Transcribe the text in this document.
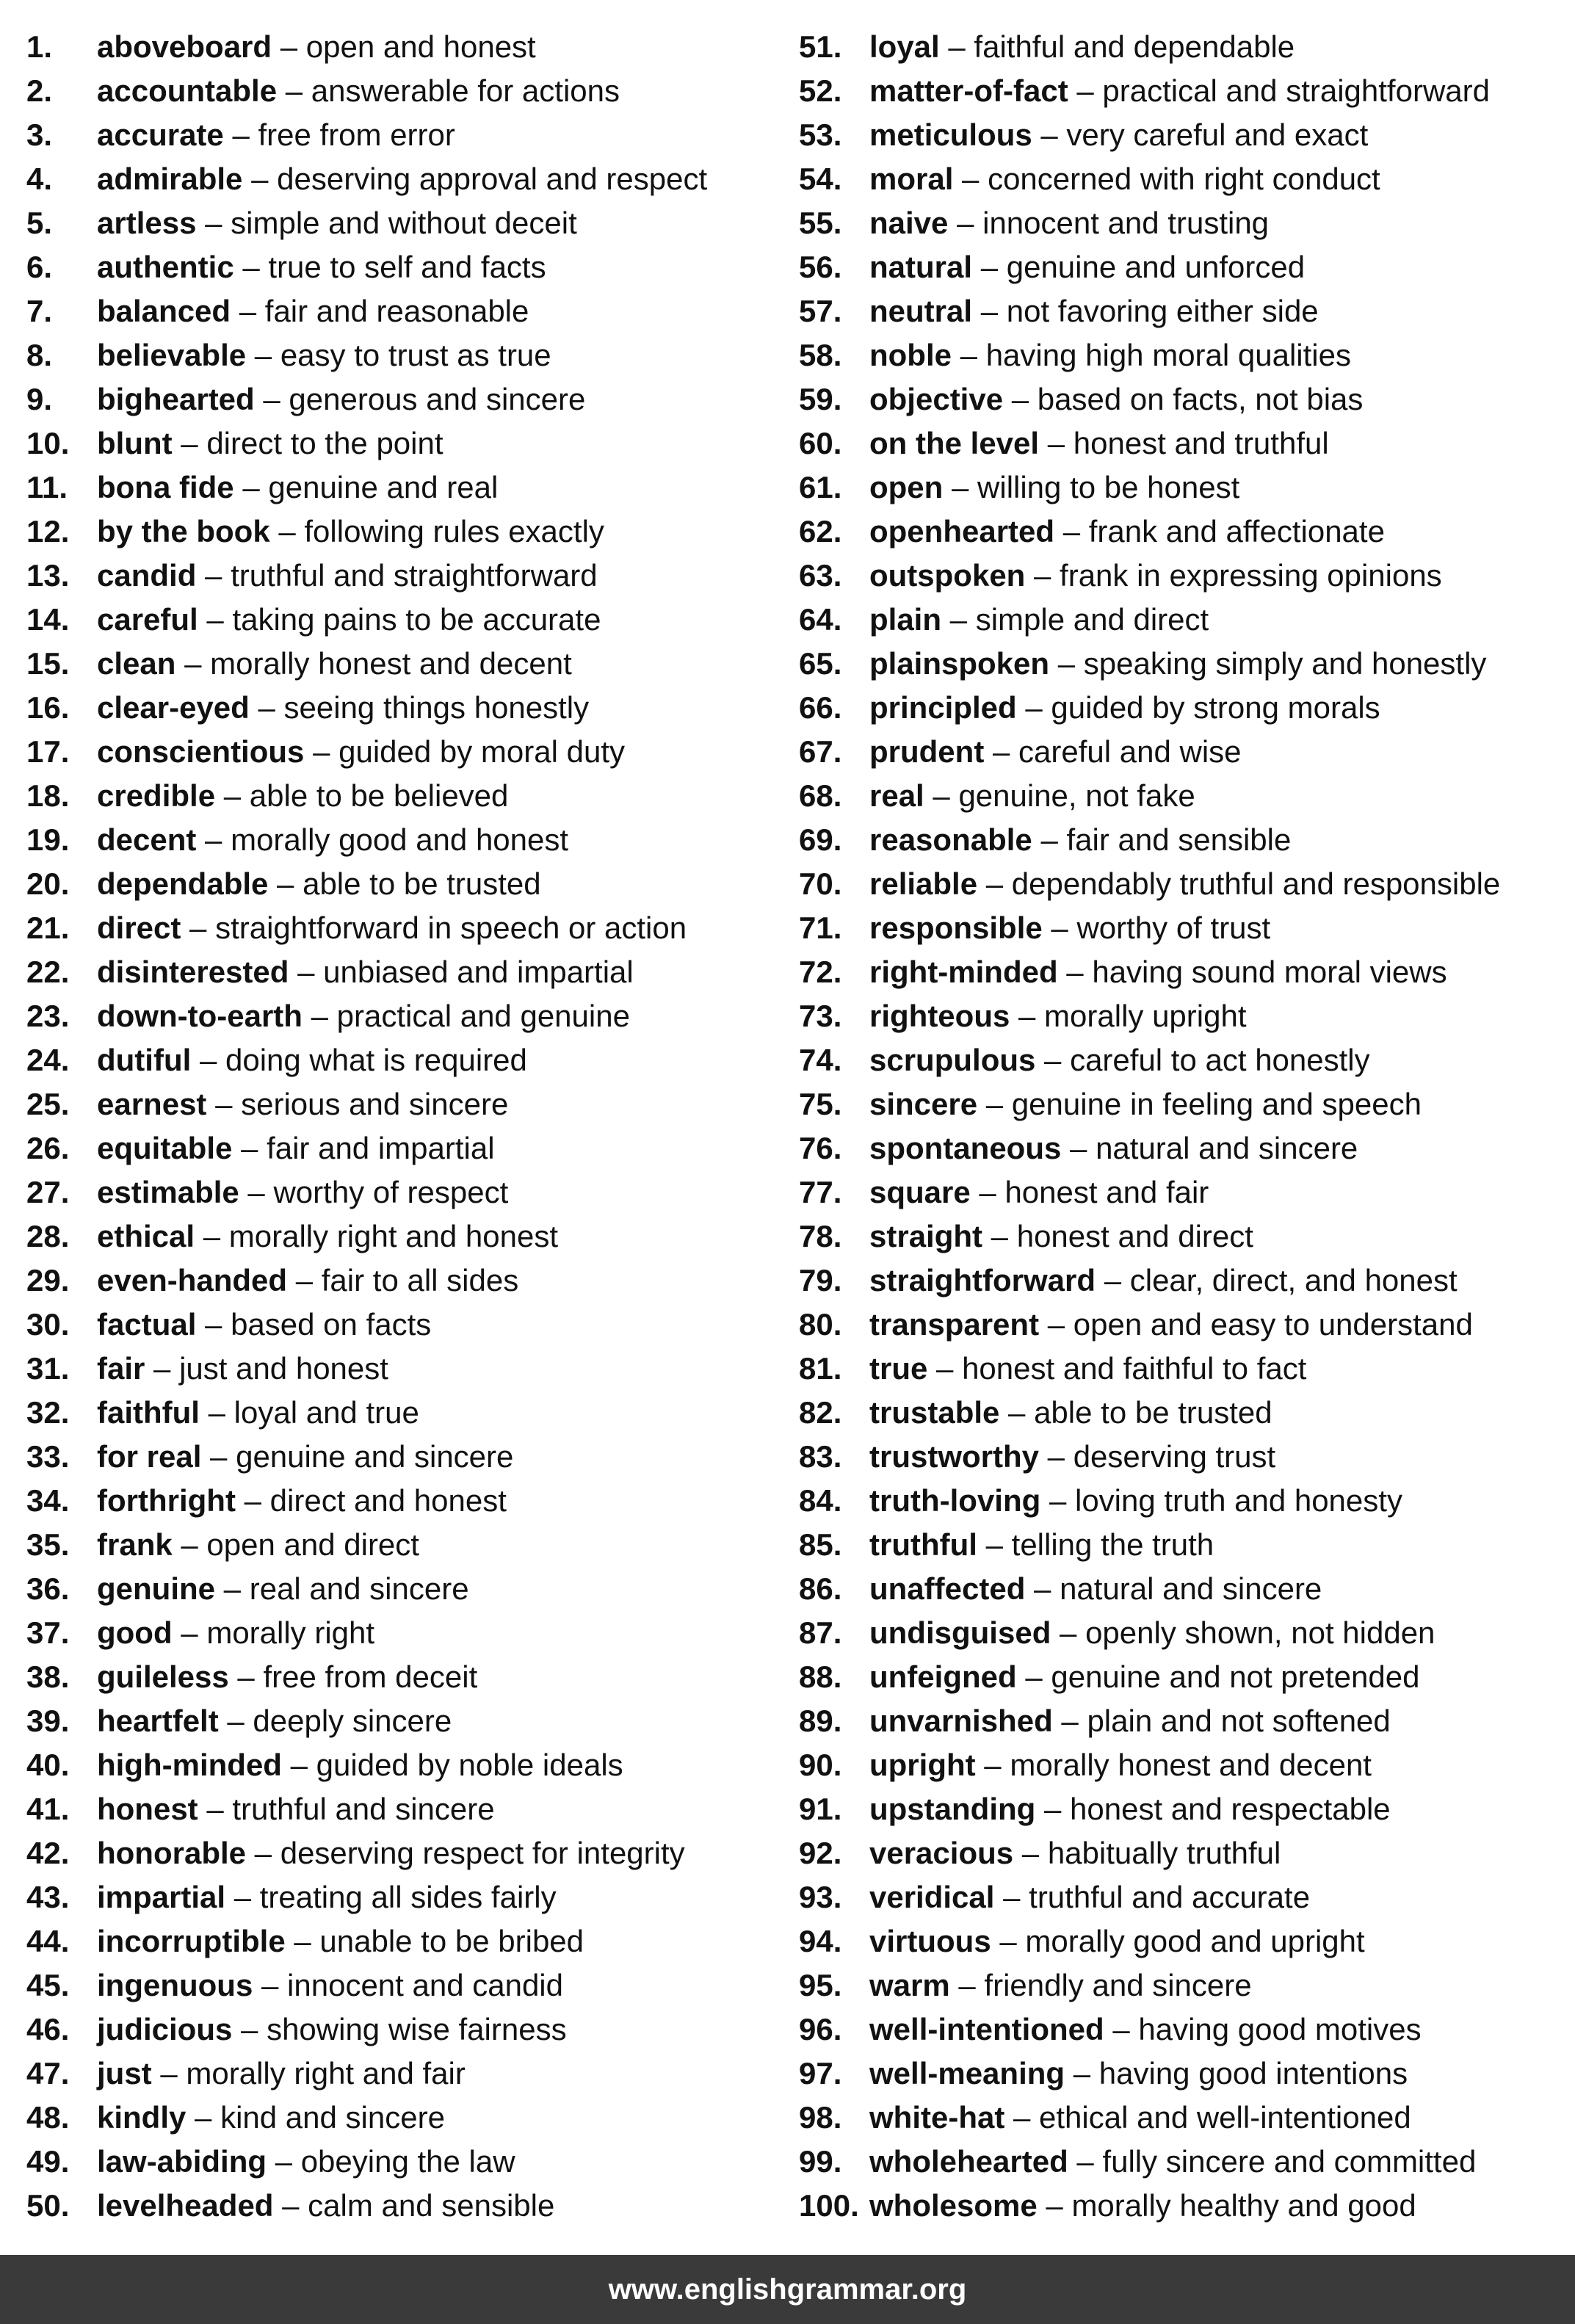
1.	aboveboard – open and honest
2.	accountable – answerable for actions
3.	accurate – free from error
4.	admirable – deserving approval and respect
5.	artless – simple and without deceit
6.	authentic – true to self and facts
7.	balanced – fair and reasonable
8.	believable – easy to trust as true
9.	bighearted – generous and sincere
10. blunt – direct to the point
11. bona fide – genuine and real
12. by the book – following rules exactly
13. candid – truthful and straightforward
14. careful – taking pains to be accurate
15. clean – morally honest and decent
16. clear-eyed – seeing things honestly
17. conscientious – guided by moral duty
18. credible – able to be believed
19. decent – morally good and honest
20. dependable – able to be trusted
21. direct – straightforward in speech or action
22. disinterested – unbiased and impartial
23. down-to-earth – practical and genuine
24. dutiful – doing what is required
25. earnest – serious and sincere
26. equitable – fair and impartial
27. estimable – worthy of respect
28. ethical – morally right and honest
29. even-handed – fair to all sides
30. factual – based on facts
31. fair – just and honest
32. faithful – loyal and true
33. for real – genuine and sincere
34. forthright – direct and honest
35. frank – open and direct
36. genuine – real and sincere
37. good – morally right
38. guileless – free from deceit
39. heartfelt – deeply sincere
40. high-minded – guided by noble ideals
41. honest – truthful and sincere
42. honorable – deserving respect for integrity
43. impartial – treating all sides fairly
44. incorruptible – unable to be bribed
45. ingenuous – innocent and candid
46. judicious – showing wise fairness
47. just – morally right and fair
48. kindly – kind and sincere
49. law-abiding – obeying the law
50. levelheaded – calm and sensible
51. loyal – faithful and dependable
52. matter-of-fact – practical and straightforward
53. meticulous – very careful and exact
54. moral – concerned with right conduct
55. naive – innocent and trusting
56. natural – genuine and unforced
57. neutral – not favoring either side
58. noble – having high moral qualities
59. objective – based on facts, not bias
60. on the level – honest and truthful
61. open – willing to be honest
62. openhearted – frank and affectionate
63. outspoken – frank in expressing opinions
64. plain – simple and direct
65. plainspoken – speaking simply and honestly
66. principled – guided by strong morals
67. prudent – careful and wise
68. real – genuine, not fake
69. reasonable – fair and sensible
70. reliable – dependably truthful and responsible
71. responsible – worthy of trust
72. right-minded – having sound moral views
73. righteous – morally upright
74. scrupulous – careful to act honestly
75. sincere – genuine in feeling and speech
76. spontaneous – natural and sincere
77. square – honest and fair
78. straight – honest and direct
79. straightforward – clear, direct, and honest
80. transparent – open and easy to understand
81. true – honest and faithful to fact
82. trustable – able to be trusted
83. trustworthy – deserving trust
84. truth-loving – loving truth and honesty
85. truthful – telling the truth
86. unaffected – natural and sincere
87. undisguised – openly shown, not hidden
88. unfeigned – genuine and not pretended
89. unvarnished – plain and not softened
90. upright – morally honest and decent
91. upstanding – honest and respectable
92. veracious – habitually truthful
93. veridical – truthful and accurate
94. virtuous – morally good and upright
95. warm – friendly and sincere
96. well-intentioned – having good motives
97. well-meaning – having good intentions
98. white-hat – ethical and well-intentioned
99. wholehearted – fully sincere and committed
100. wholesome – morally healthy and good
www.englishgrammar.org
